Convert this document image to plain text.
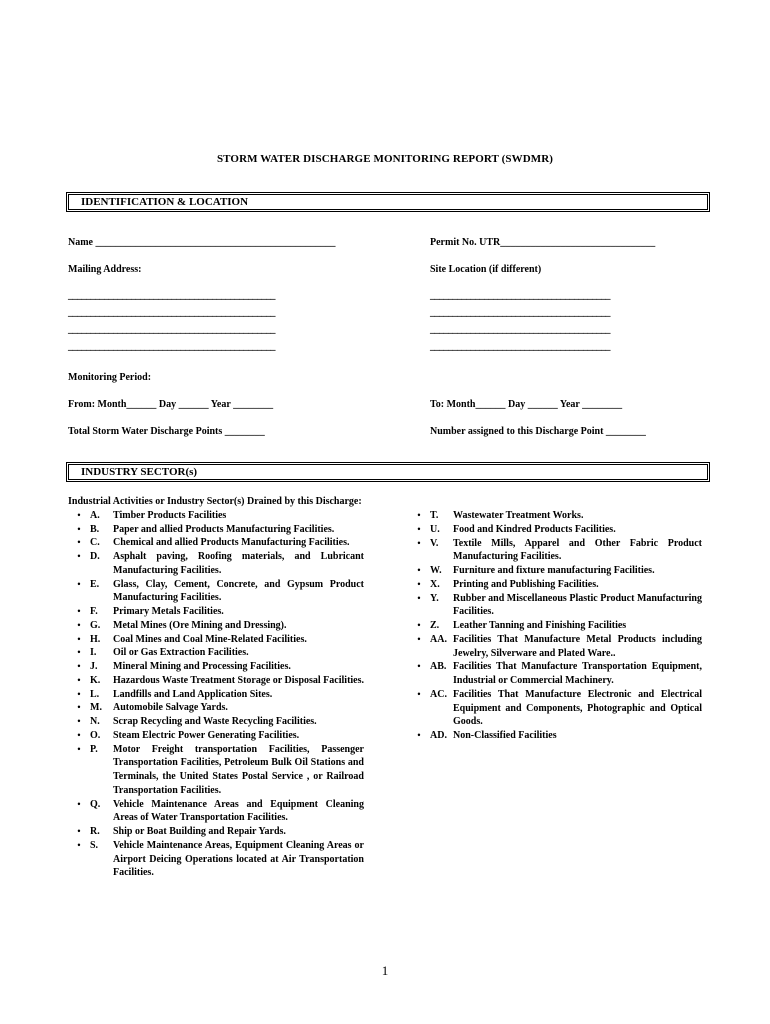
STORM WATER DISCHARGE MONITORING REPORT (SWDMR)
IDENTIFICATION & LOCATION
Name ________________________________________________	Permit No. UTR_______________________________
Mailing Address:	Site Location (if different)
______________________________________________
______________________________________________
______________________________________________
______________________________________________
________________________________________
________________________________________
________________________________________
________________________________________
Monitoring Period:
From: Month______ Day ______ Year ________	To: Month______ Day ______ Year ________
Total Storm Water Discharge Points ________	Number assigned to this Discharge Point ________
INDUSTRY SECTOR(s)
Industrial Activities or Industry Sector(s) Drained by this Discharge:
• A.	Timber Products Facilities
• B.	Paper and allied Products Manufacturing Facilities.
• C.	Chemical and allied Products Manufacturing Facilities.
• D.	Asphalt paving, Roofing materials, and Lubricant Manufacturing Facilities.
• E.	Glass, Clay, Cement, Concrete, and Gypsum Product Manufacturing Facilities.
• F.	Primary Metals Facilities.
• G.	Metal Mines (Ore Mining and Dressing).
• H.	Coal Mines and Coal Mine-Related Facilities.
• I.	Oil or Gas Extraction Facilities.
• J.	Mineral Mining and Processing Facilities.
• K.	Hazardous Waste Treatment Storage or Disposal Facilities.
• L.	Landfills and Land Application Sites.
• M.	Automobile Salvage Yards.
• N.	Scrap Recycling and Waste Recycling Facilities.
• O.	Steam Electric Power Generating Facilities.
• P.	Motor Freight transportation Facilities, Passenger Transportation Facilities, Petroleum Bulk Oil Stations and Terminals, the United States Postal Service , or Railroad Transportation Facilities.
• Q.	Vehicle Maintenance Areas and Equipment Cleaning Areas of Water Transportation Facilities.
• R.	Ship or Boat Building and Repair Yards.
• S.	Vehicle Maintenance Areas, Equipment Cleaning Areas or Airport Deicing Operations located at Air Transportation Facilities.
• T.	Wastewater Treatment Works.
• U.	Food and Kindred Products Facilities.
• V.	Textile Mills, Apparel and Other Fabric Product Manufacturing Facilities.
• W.	Furniture and fixture manufacturing Facilities.
• X.	Printing and Publishing Facilities.
• Y.	Rubber and Miscellaneous Plastic Product Manufacturing Facilities.
• Z.	Leather Tanning and Finishing Facilities
• AA. Facilities That Manufacture Metal Products including Jewelry, Silverware and Plated Ware..
• AB. Facilities That Manufacture Transportation Equipment, Industrial or Commercial Machinery.
• AC. Facilities That Manufacture Electronic and Electrical Equipment and Components, Photographic and Optical Goods.
• AD. Non-Classified Facilities
1
